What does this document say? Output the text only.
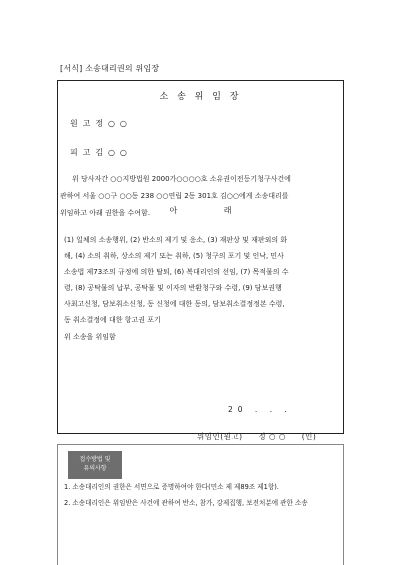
[서식] 소송대리권의 위임장
소 송 위 임 장
원 고 정 ○ ○
피 고 김 ○ ○
위 당사자간 ○○지방법원 2000가○○○○호 소유권이전등기청구사건에
관하여 서울 ○○구 ○○동 238 ○○연립 2동 301호 김○○에게 소송대리를
위임하고 아래 권한을 수여함.	아 래
(1) 일체의 소송행위, (2) 반소의 제기 및 응소, (3) 재판상 및 재판외의 화
해, (4) 소의 취하, 상소의 제기 또는 취하, (5) 청구의 포기 및 인낙, 민사
소송법 제73조의 규정에 의한 탈퇴, (6) 복대리인의 선임, (7) 목적물의 수
령, (8) 공탁물의 납부, 공탁물 및 이자의 반환청구와 수령, (9) 담보권행
사최고신청, 담보취소신청, 동 신청에 대한 동의, 담보취소결정정본 수령,
동 취소결정에 대한 항고권 포기
위 소송을 위임함
20 . . .
위임인(원고) 정 ○ ○ (인)
접수방법 및
유의사항
1. 소송대리인의 권한은 서면으로 증명하여야 한다(민소 제 제89조 제1항).
2. 소송대리인은 위임받은 사건에 관하여 반소, 참가, 강제집행, 보전처분에 관한 소송
